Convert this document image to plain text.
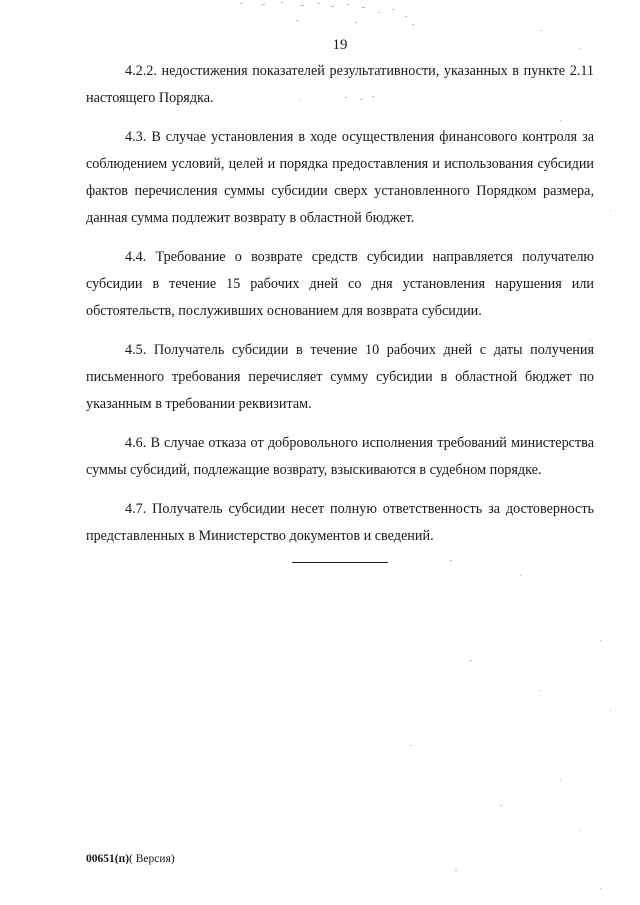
19

4.2.2. недостижения показателей результативности, указанных в пункте 2.11 настоящего Порядка.

4.3. В случае установления в ходе осуществления финансового контроля за соблюдением условий, целей и порядка предоставления и использования субсидии фактов перечисления суммы субсидии сверх установленного Порядком размера, данная сумма подлежит возврату в областной бюджет.

4.4. Требование о возврате средств субсидии направляется получателю субсидии в течение 15 рабочих дней со дня установления нарушения или обстоятельств, послуживших основанием для возврата субсидии.

4.5. Получатель субсидии в течение 10 рабочих дней с даты получения письменного требования перечисляет сумму субсидии в областной бюджет по указанным в требовании реквизитам.

4.6. В случае отказа от добровольного исполнения требований министерства суммы субсидий, подлежащие возврату, взыскиваются в судебном порядке.

4.7. Получатель субсидии несет полную ответственность за достоверность представленных в Министерство документов и сведений.

00651(п)( Версия)
